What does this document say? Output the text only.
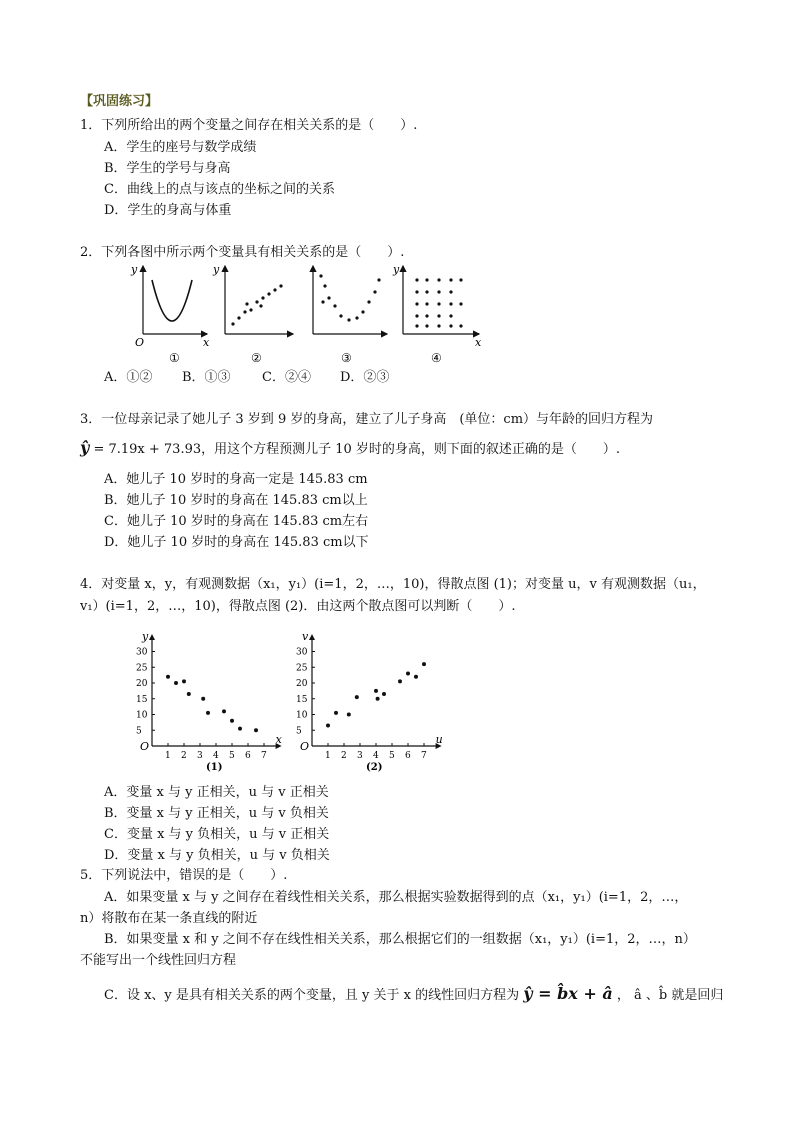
【巩固练习】
1．下列所给出的两个变量之间存在相关关系的是（　　）.
A．学生的座号与数学成绩
B．学生的学号与身高
C．曲线上的点与该点的坐标之间的关系
D．学生的身高与体重
2．下列各图中所示两个变量具有相关关系的是（　　）.
y
O	x
①
y
②	③
y
x
④
A．①② B．①③ C．②④ D．②③
3．一位母亲记录了她儿子 3 岁到 9 岁的身高，建立了儿子身高　(单位：cm）与年龄的回归方程为
ŷ = 7.19x + 73.93，用这个方程预测儿子 10 岁时的身高，则下面的叙述正确的是（　　）.
A．她儿子 10 岁时的身高一定是 145.83 cm
B．她儿子 10 岁时的身高在 145.83 cm以上
C．她儿子 10 岁时的身高在 145.83 cm左右
D．她儿子 10 岁时的身高在 145.83 cm以下
4．对变量 x，y，有观测数据（x₁，y₁）(i=1，2，…，10)，得散点图 (1)；对变量 u，v 有观测数据（u₁，
v₁）(i=1，2，…，10)，得散点图 (2)．由这两个散点图可以判断（　　）.
y
x
O
1 2 3 4 5 6 7
5
10
15
20
25
30
(1)
v
u
O
1 2 3 4 5 6 7
5
10
15
20
25
30
(2)
A．变量 x 与 y 正相关，u 与 v 正相关
B．变量 x 与 y 正相关，u 与 v 负相关
C．变量 x 与 y 负相关，u 与 v 正相关
D．变量 x 与 y 负相关，u 与 v 负相关
5．下列说法中，错误的是（　　）.
A．如果变量 x 与 y 之间存在着线性相关关系，那么根据实验数据得到的点（x₁，y₁）(i=1，2，…，
n）将散布在某一条直线的附近
B．如果变量 x 和 y 之间不存在线性相关关系，那么根据它们的一组数据（x₁，y₁）(i=1，2，…，n）
不能写出一个线性回归方程
C．设 x、y 是具有相关关系的两个变量，且 y 关于 x 的线性回归方程为 ŷ = b̂x + â ， â 、b̂ 就是回归
